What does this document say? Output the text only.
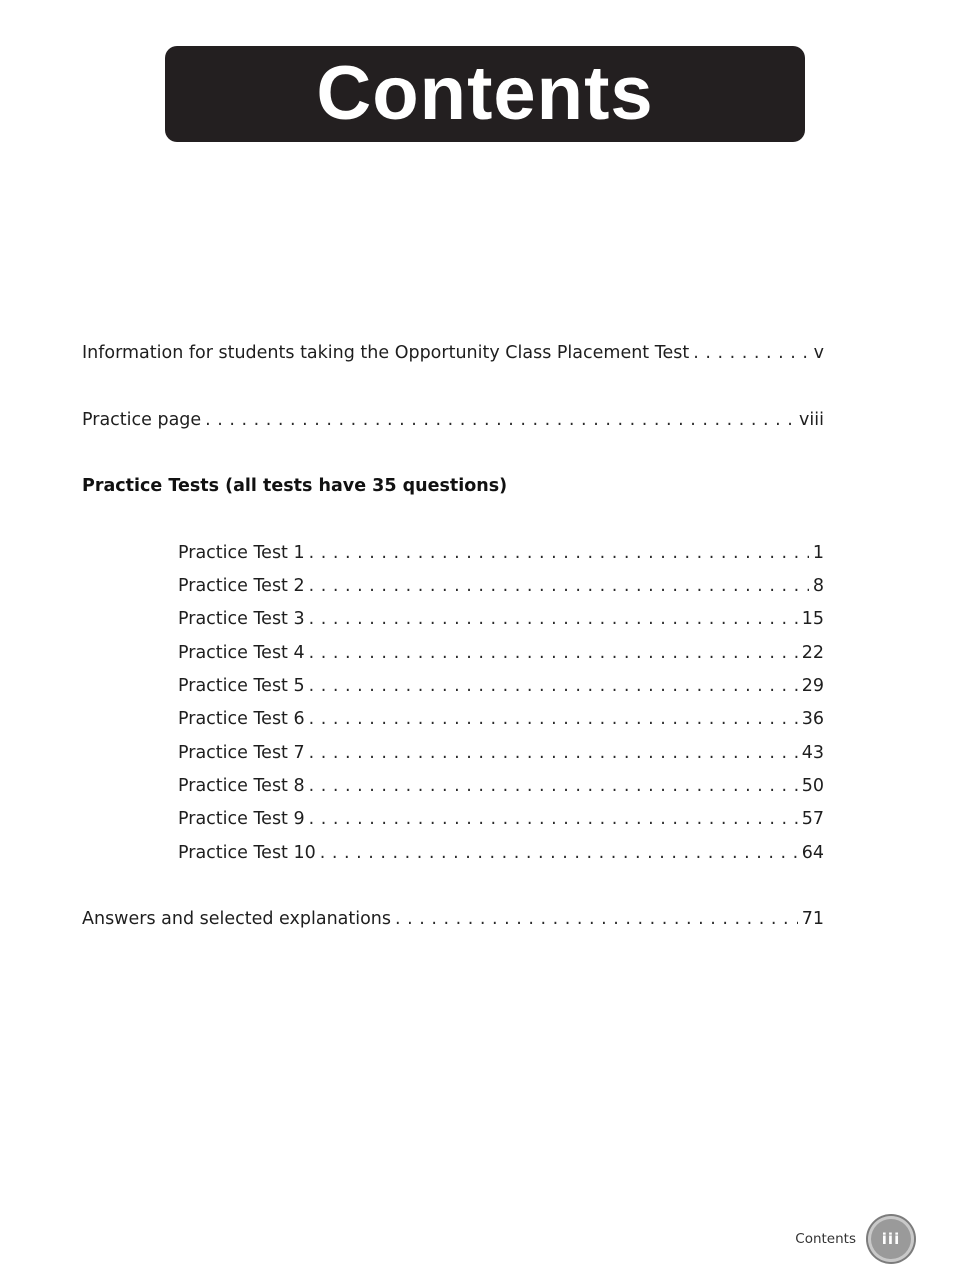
Contents
Information for students taking the Opportunity Class Placement Test . . .	v
Practice page . . .	viii
Practice Tests (all tests have 35 questions)
Practice Test 1 . . .	1
Practice Test 2 . . .	8
Practice Test 3 . . .	15
Practice Test 4 . . .	22
Practice Test 5 . . .	29
Practice Test 6 . . .	36
Practice Test 7 . . .	43
Practice Test 8 . . .	50
Practice Test 9 . . .	57
Practice Test 10 . . .	64
Answers and selected explanations . . .	71
Contents iii
